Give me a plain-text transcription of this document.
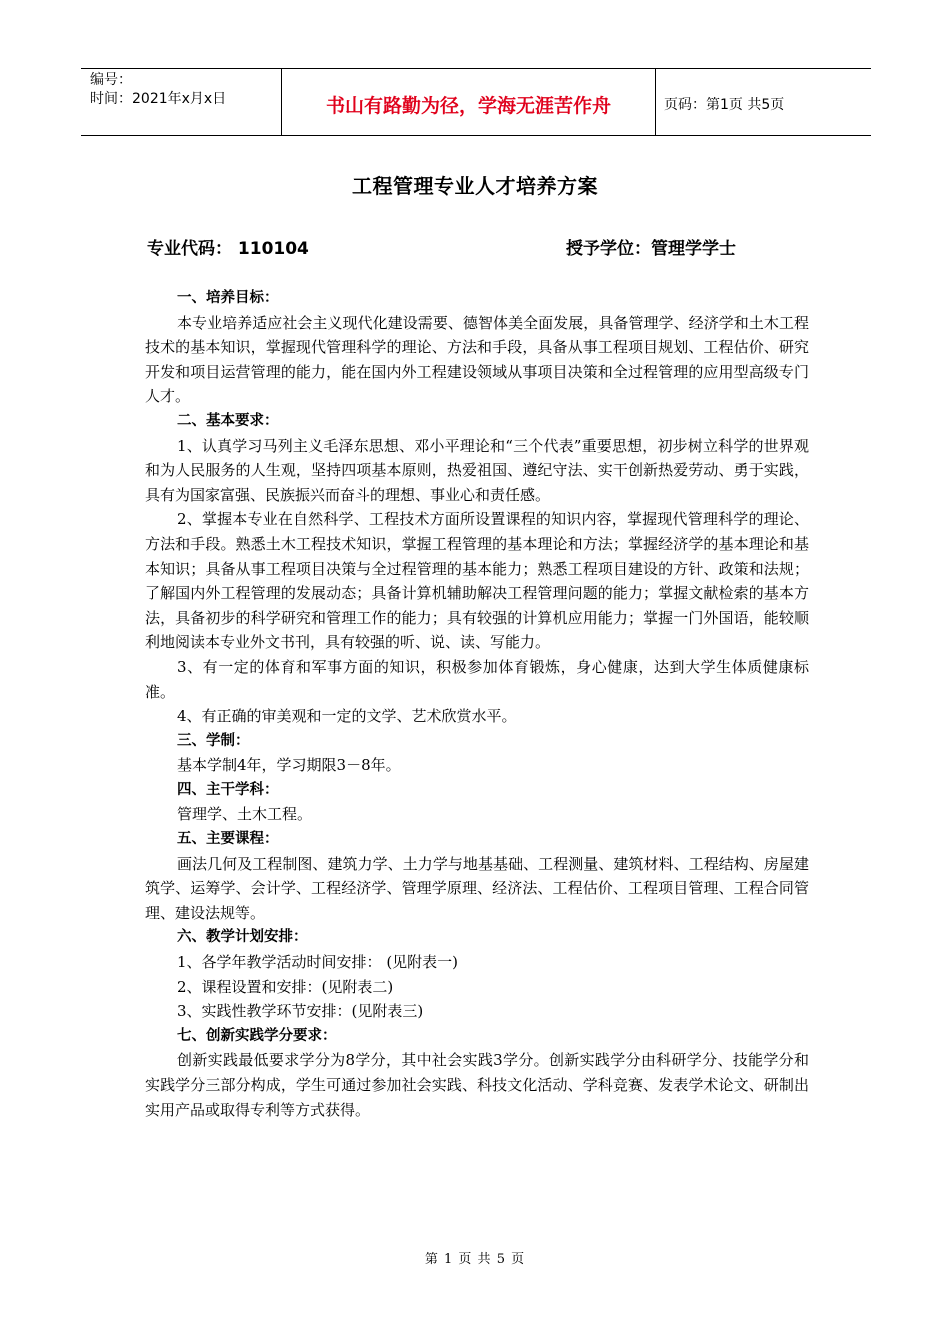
编号：
时间：2021年x月x日	书山有路勤为径，学海无涯苦作舟	页码：第1页 共5页
工程管理专业人才培养方案
专业代码： 110104	授予学位：管理学学士
一、培养目标：

本专业培养适应社会主义现代化建设需要、德智体美全面发展，具备管理学、经济学和土木工程技术的基本知识，掌握现代管理科学的理论、方法和手段，具备从事工程项目规划、工程估价、研究开发和项目运营管理的能力，能在国内外工程建设领域从事项目决策和全过程管理的应用型高级专门人才。

二、基本要求：

1、认真学习马列主义毛泽东思想、邓小平理论和“三个代表”重要思想，初步树立科学的世界观和为人民服务的人生观，坚持四项基本原则，热爱祖国、遵纪守法、实干创新热爱劳动、勇于实践，具有为国家富强、民族振兴而奋斗的理想、事业心和责任感。

2、掌握本专业在自然科学、工程技术方面所设置课程的知识内容，掌握现代管理科学的理论、方法和手段。熟悉土木工程技术知识，掌握工程管理的基本理论和方法；掌握经济学的基本理论和基本知识；具备从事工程项目决策与全过程管理的基本能力；熟悉工程项目建设的方针、政策和法规；了解国内外工程管理的发展动态；具备计算机辅助解决工程管理问题的能力；掌握文献检索的基本方法，具备初步的科学研究和管理工作的能力；具有较强的计算机应用能力；掌握一门外国语，能较顺利地阅读本专业外文书刊，具有较强的听、说、读、写能力。

3、有一定的体育和军事方面的知识，积极参加体育锻炼，身心健康，达到大学生体质健康标准。

4、有正确的审美观和一定的文学、艺术欣赏水平。

三、学制：

基本学制4年，学习期限3－8年。

四、主干学科：

管理学、土木工程。

五、主要课程：

画法几何及工程制图、建筑力学、土力学与地基基础、工程测量、建筑材料、工程结构、房屋建筑学、运筹学、会计学、工程经济学、管理学原理、经济法、工程估价、工程项目管理、工程合同管理、建设法规等。

六、教学计划安排：
1、各学年教学活动时间安排： (见附表一)
2、课程设置和安排：(见附表二)
3、实践性教学环节安排：(见附表三)
七、创新实践学分要求：

创新实践最低要求学分为8学分，其中社会实践3学分。创新实践学分由科研学分、技能学分和实践学分三部分构成，学生可通过参加社会实践、科技文化活动、学科竞赛、发表学术论文、研制出实用产品或取得专利等方式获得。

第 1 页 共 5 页
